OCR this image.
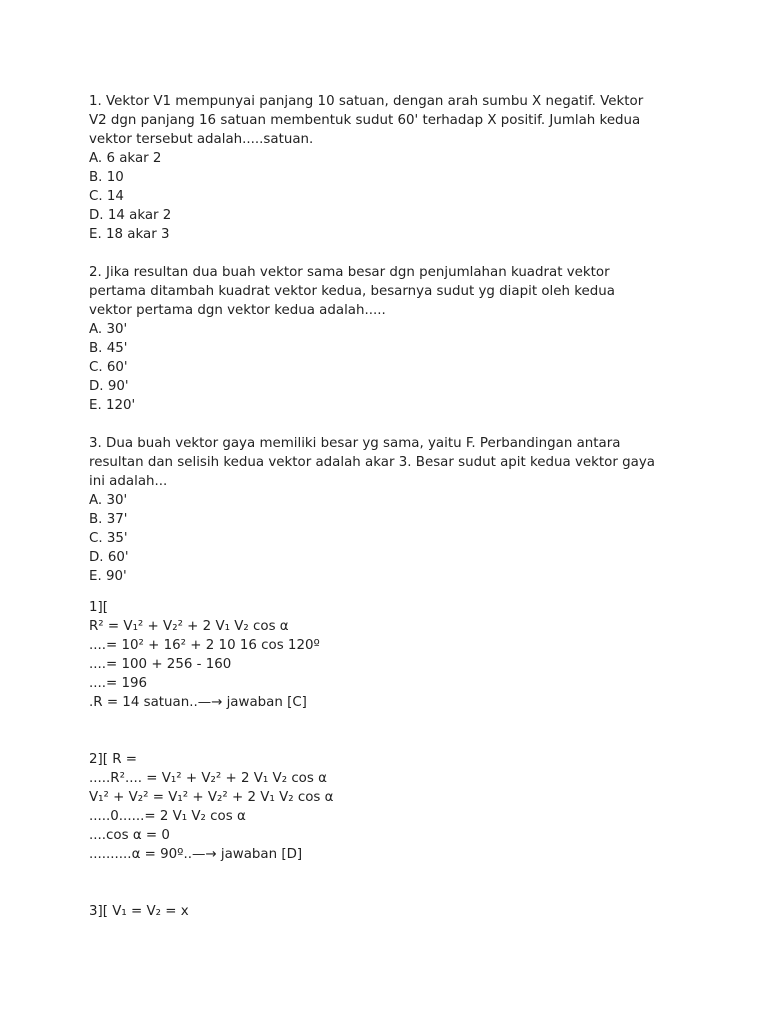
1. Vektor V1 mempunyai panjang 10 satuan, dengan arah sumbu X negatif. Vektor
V2 dgn panjang 16 satuan membentuk sudut 60' terhadap X positif. Jumlah kedua
vektor tersebut adalah.....satuan.
A. 6 akar 2
B. 10
C. 14
D. 14 akar 2
E. 18 akar 3
2. Jika resultan dua buah vektor sama besar dgn penjumlahan kuadrat vektor
pertama ditambah kuadrat vektor kedua, besarnya sudut yg diapit oleh kedua
vektor pertama dgn vektor kedua adalah.....
A. 30'
B. 45'
C. 60'
D. 90'
E. 120'
3. Dua buah vektor gaya memiliki besar yg sama, yaitu F. Perbandingan antara
resultan dan selisih kedua vektor adalah akar 3. Besar sudut apit kedua vektor gaya
ini adalah...
A. 30'
B. 37'
C. 35'
D. 60'
E. 90'
1][
R² = V₁² + V₂² + 2 V₁ V₂ cos α
....= 10² + 16² + 2 10 16 cos 120º
....= 100 + 256 - 160
....= 196
.R = 14 satuan..—→ jawaban [C]
2][ R =
.....R².... = V₁² + V₂² + 2 V₁ V₂ cos α
V₁² + V₂² = V₁² + V₂² + 2 V₁ V₂ cos α
.....0......= 2 V₁ V₂ cos α
....cos α = 0
..........α = 90º..—→ jawaban [D]
3][ V₁ = V₂ = x
